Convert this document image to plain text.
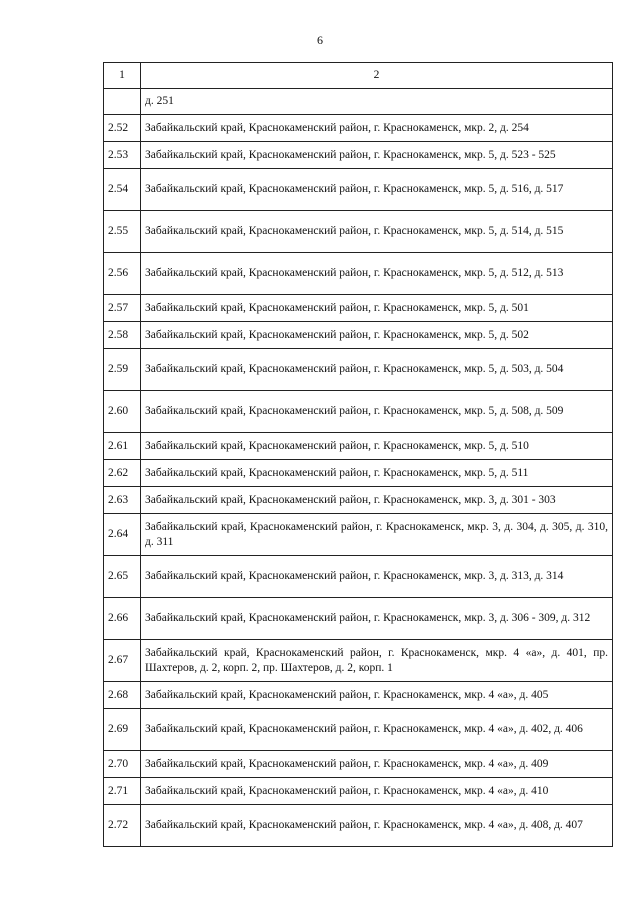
6
1	2
	д. 251
2.52	Забайкальский край, Краснокаменский район, г. Краснокаменск, мкр. 2, д. 254
2.53	Забайкальский край, Краснокаменский район, г. Краснокаменск, мкр. 5, д. 523 - 525
2.54	Забайкальский край, Краснокаменский район, г. Краснокаменск, мкр. 5, д. 516, д. 517
2.55	Забайкальский край, Краснокаменский район, г. Краснокаменск, мкр. 5, д. 514, д. 515
2.56	Забайкальский край, Краснокаменский район, г. Краснокаменск, мкр. 5, д. 512, д. 513
2.57	Забайкальский край, Краснокаменский район, г. Краснокаменск, мкр. 5, д. 501
2.58	Забайкальский край, Краснокаменский район, г. Краснокаменск, мкр. 5, д. 502
2.59	Забайкальский край, Краснокаменский район, г. Краснокаменск, мкр. 5, д. 503, д. 504
2.60	Забайкальский край, Краснокаменский район, г. Краснокаменск, мкр. 5, д. 508, д. 509
2.61	Забайкальский край, Краснокаменский район, г. Краснокаменск, мкр. 5, д. 510
2.62	Забайкальский край, Краснокаменский район, г. Краснокаменск, мкр. 5, д. 511
2.63	Забайкальский край, Краснокаменский район, г. Краснокаменск, мкр. 3, д. 301 - 303
2.64	Забайкальский край, Краснокаменский район, г. Краснокаменск, мкр. 3, д. 304, д. 305, д. 310, д. 311
2.65	Забайкальский край, Краснокаменский район, г. Краснокаменск, мкр. 3, д. 313, д. 314
2.66	Забайкальский край, Краснокаменский район, г. Краснокаменск, мкр. 3, д. 306 - 309, д. 312
2.67	Забайкальский край, Краснокаменский район, г. Краснокаменск, мкр. 4 «а», д. 401, пр. Шахтеров, д. 2, корп. 2, пр. Шахтеров, д. 2, корп. 1
2.68	Забайкальский край, Краснокаменский район, г. Краснокаменск, мкр. 4 «а», д. 405
2.69	Забайкальский край, Краснокаменский район, г. Краснокаменск, мкр. 4 «а», д. 402, д. 406
2.70	Забайкальский край, Краснокаменский район, г. Краснокаменск, мкр. 4 «а», д. 409
2.71	Забайкальский край, Краснокаменский район, г. Краснокаменск, мкр. 4 «а», д. 410
2.72	Забайкальский край, Краснокаменский район, г. Краснокаменск, мкр. 4 «а», д. 408, д. 407
